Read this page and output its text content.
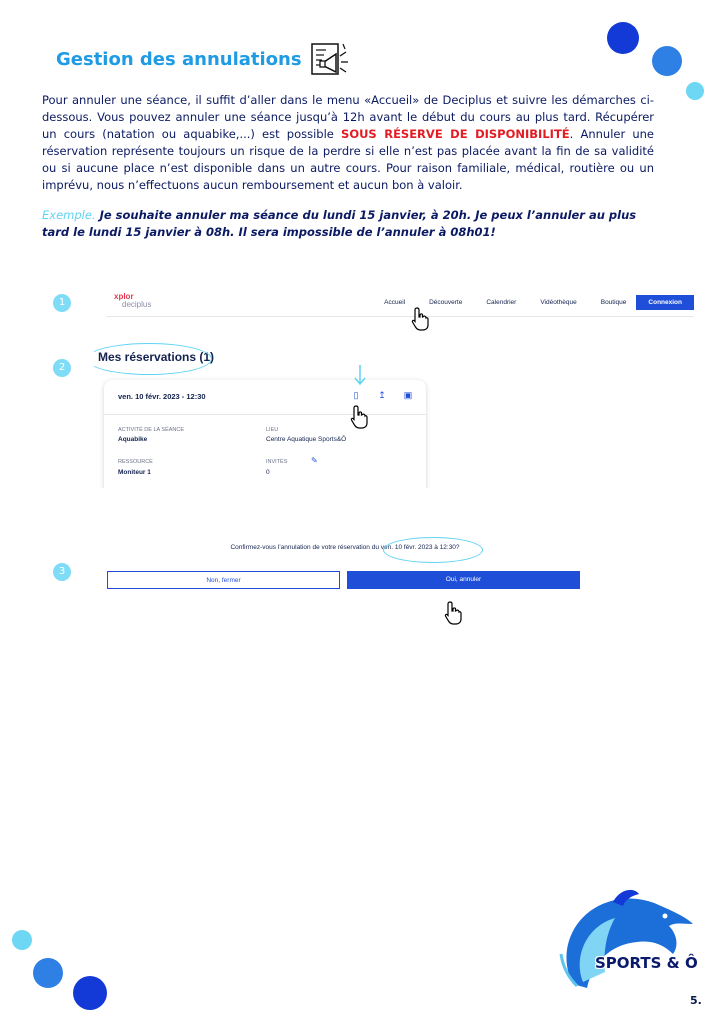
Gestion des annulations
Pour annuler une séance, il suffit d’aller dans le menu «Accueil» de Deciplus et suivre les démarches ci-dessous. Vous pouvez annuler une séance jusqu’à 12h avant le début du cours au plus tard. Récupérer un cours (natation ou aquabike,...) est possible SOUS RÉSERVE DE DISPONIBILITÉ. Annuler une réservation représente toujours un risque de la perdre si elle n’est pas placée avant la fin de sa validité ou si aucune place n’est disponible dans un autre cours. Pour raison familiale, médical, routière ou un imprévu, nous n’effectuons aucun remboursement et aucun bon à valoir.
Exemple. Je souhaite annuler ma séance du lundi 15 janvier, à 20h. Je peux l’annuler au plus tard le lundi 15 janvier à 08h. Il sera impossible de l’annuler à 08h01!
1
2
3
xplor
deciplus	Accueil	Découverte	Calendrier	Vidéothèque	Boutique	Connexion
Mes réservations (1)
ven. 10 févr. 2023 - 12:30	▯	↥ ▣
ACTIVITÉ DE LA SÉANCE
Aquabike
LIEU
Centre Aquatique Sports&Ô
RESSOURCE
Moniteur 1
INVITÉS	✎
0
Confirmez-vous l’annulation de votre réservation du ven. 10 févr. 2023 à 12:30?
Non, fermer	Oui, annuler
SPORTS & Ô
5.
